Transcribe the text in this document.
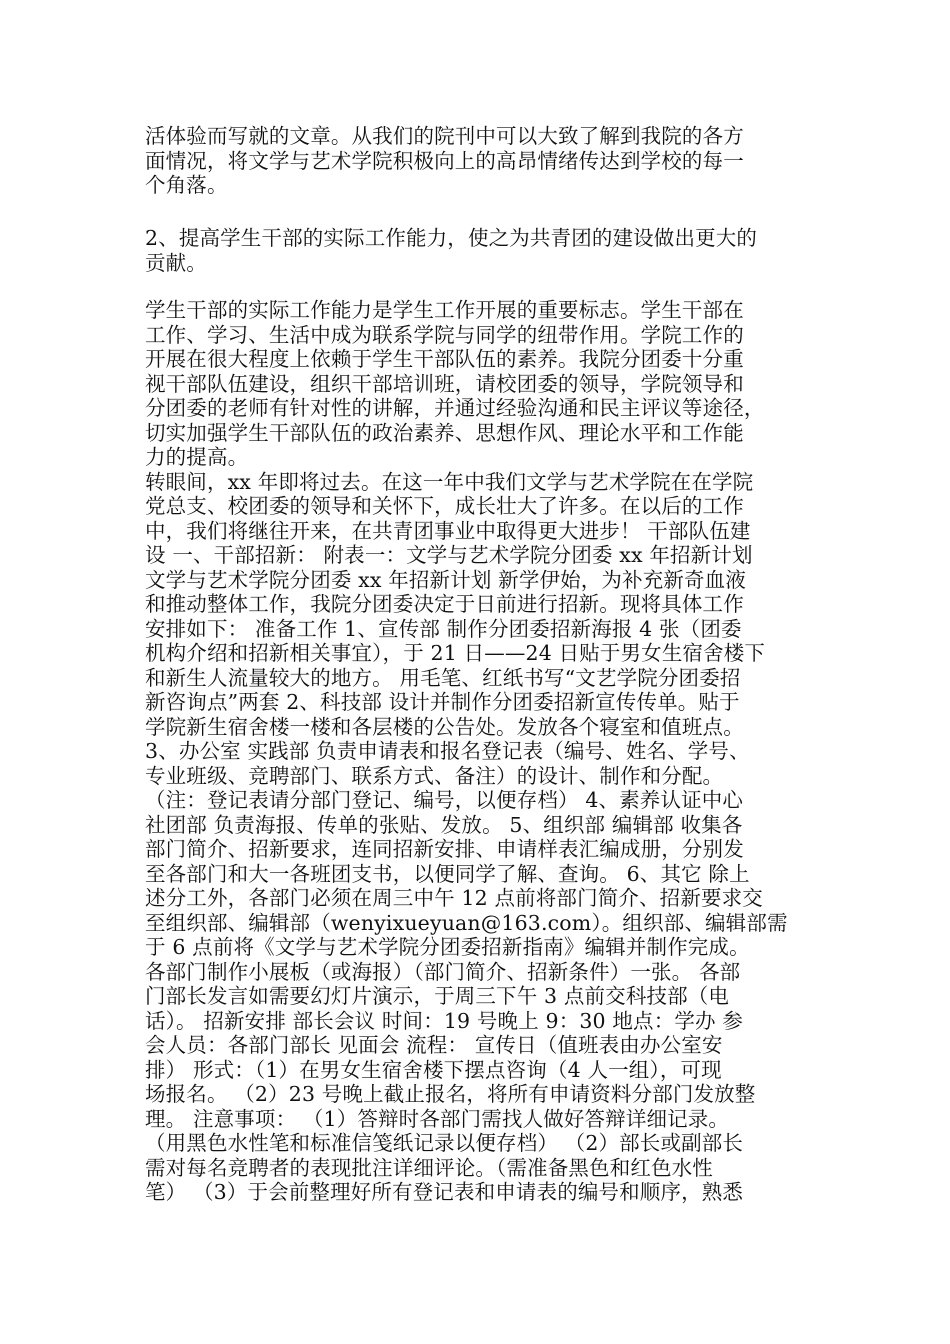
活体验而写就的文章。从我们的院刊中可以大致了解到我院的各方
面情况，将文学与艺术学院积极向上的高昂情绪传达到学校的每一
个角落。
2、提高学生干部的实际工作能力，使之为共青团的建设做出更大的
贡献。
学生干部的实际工作能力是学生工作开展的重要标志。学生干部在
工作、学习、生活中成为联系学院与同学的纽带作用。学院工作的
开展在很大程度上依赖于学生干部队伍的素养。我院分团委十分重
视干部队伍建设，组织干部培训班，请校团委的领导，学院领导和
分团委的老师有针对性的讲解，并通过经验沟通和民主评议等途径，
切实加强学生干部队伍的政治素养、思想作风、理论水平和工作能
力的提高。
转眼间，xx 年即将过去。在这一年中我们文学与艺术学院在在学院
党总支、校团委的领导和关怀下，成长壮大了许多。在以后的工作
中，我们将继往开来，在共青团事业中取得更大进步！ 干部队伍建
设 一、干部招新： 附表一：文学与艺术学院分团委 xx 年招新计划
文学与艺术学院分团委 xx 年招新计划 新学伊始，为补充新奇血液
和推动整体工作，我院分团委决定于日前进行招新。现将具体工作
安排如下： 准备工作 1、宣传部 制作分团委招新海报 4 张（团委
机构介绍和招新相关事宜），于 21 日——24 日贴于男女生宿舍楼下
和新生人流量较大的地方。 用毛笔、红纸书写“文艺学院分团委招
新咨询点”两套 2、科技部 设计并制作分团委招新宣传传单。贴于
学院新生宿舍楼一楼和各层楼的公告处。发放各个寝室和值班点。
3、办公室 实践部 负责申请表和报名登记表（编号、姓名、学号、
专业班级、竞聘部门、联系方式、备注）的设计、制作和分配。
（注：登记表请分部门登记、编号，以便存档） 4、素养认证中心
社团部 负责海报、传单的张贴、发放。 5、组织部 编辑部 收集各
部门简介、招新要求，连同招新安排、申请样表汇编成册，分别发
至各部门和大一各班团支书，以便同学了解、查询。 6、其它 除上
述分工外，各部门必须在周三中午 12 点前将部门简介、招新要求交
至组织部、编辑部（wenyixueyuan@163.com）。组织部、编辑部需
于 6 点前将《文学与艺术学院分团委招新指南》编辑并制作完成。
各部门制作小展板（或海报）（部门简介、招新条件）一张。 各部
门部长发言如需要幻灯片演示，于周三下午 3 点前交科技部（电
话）。 招新安排 部长会议 时间：19 号晚上 9：30 地点：学办 参
会人员：各部门部长 见面会 流程： 宣传日（值班表由办公室安
排） 形式：（1）在男女生宿舍楼下摆点咨询（4 人一组），可现
场报名。 （2）23 号晚上截止报名，将所有申请资料分部门发放整
理。 注意事项： （1）答辩时各部门需找人做好答辩详细记录。
（用黑色水性笔和标准信笺纸记录以便存档） （2）部长或副部长
需对每名竞聘者的表现批注详细评论。（需准备黑色和红色水性
笔） （3）于会前整理好所有登记表和申请表的编号和顺序，熟悉
